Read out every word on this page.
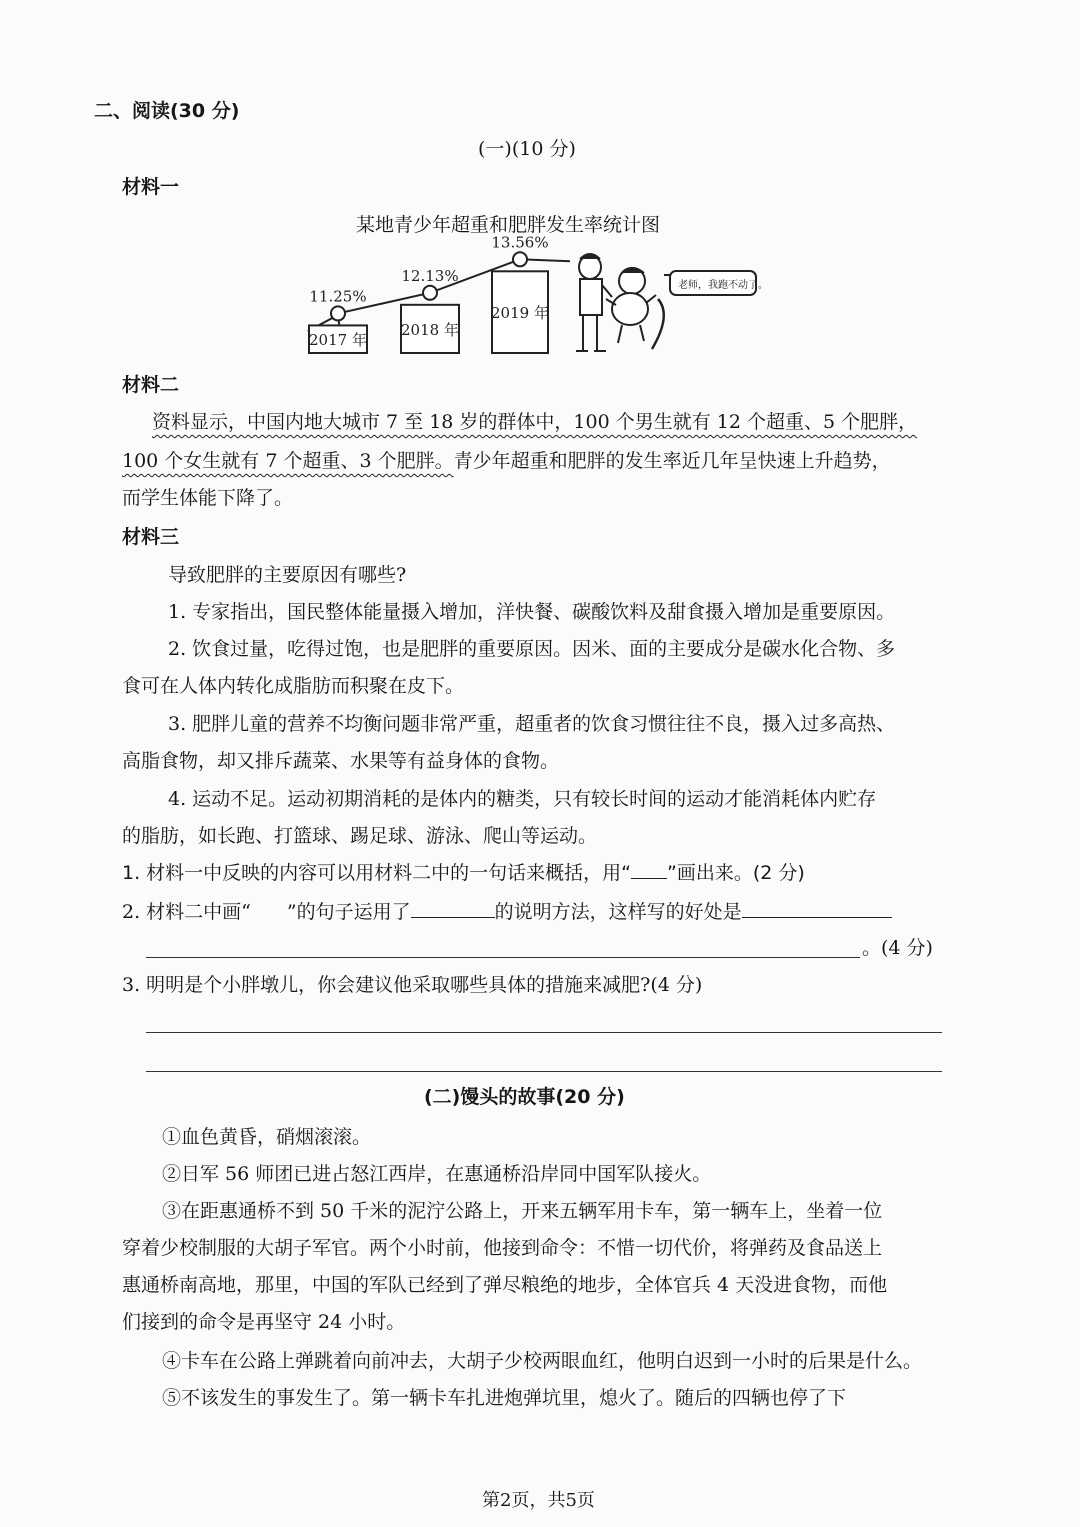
二、阅读(30 分)
(一)(10 分)
材料一
某地青少年超重和肥胖发生率统计图
11.25%
12.13%
13.56%
2017 年
2018 年
2019 年
老师，我跑不动了。
材料二
资料显示，中国内地大城市 7 至 18 岁的群体中，100 个男生就有 12 个超重、5 个肥胖，
100 个女生就有 7 个超重、3 个肥胖。青少年超重和肥胖的发生率近几年呈快速上升趋势，
而学生体能下降了。
材料三
导致肥胖的主要原因有哪些?
1. 专家指出，国民整体能量摄入增加，洋快餐、碳酸饮料及甜食摄入增加是重要原因。
2. 饮食过量，吃得过饱，也是肥胖的重要原因。因米、面的主要成分是碳水化合物、多
食可在人体内转化成脂肪而积聚在皮下。
3. 肥胖儿童的营养不均衡问题非常严重，超重者的饮食习惯往往不良，摄入过多高热、
高脂食物，却又排斥蔬菜、水果等有益身体的食物。
4. 运动不足。运动初期消耗的是体内的糖类，只有较长时间的运动才能消耗体内贮存
的脂肪，如长跑、打篮球、踢足球、游泳、爬山等运动。
1. 材料一中反映的内容可以用材料二中的一句话来概括，用“ ”画出来。(2 分)
2. 材料二中画“ ”的句子运用了	的说明方法，这样写的好处是
。(4 分)
3. 明明是个小胖墩儿，你会建议他采取哪些具体的措施来减肥?(4 分)
(二)馒头的故事(20 分)
①血色黄昏，硝烟滚滚。
②日军 56 师团已进占怒江西岸，在惠通桥沿岸同中国军队接火。
③在距惠通桥不到 50 千米的泥泞公路上，开来五辆军用卡车，第一辆车上，坐着一位
穿着少校制服的大胡子军官。两个小时前，他接到命令：不惜一切代价，将弹药及食品送上
惠通桥南高地，那里，中国的军队已经到了弹尽粮绝的地步，全体官兵 4 天没进食物，而他
们接到的命令是再坚守 24 小时。
④卡车在公路上弹跳着向前冲去，大胡子少校两眼血红，他明白迟到一小时的后果是什么。
⑤不该发生的事发生了。第一辆卡车扎进炮弹坑里，熄火了。随后的四辆也停了下
第2页，共5页
